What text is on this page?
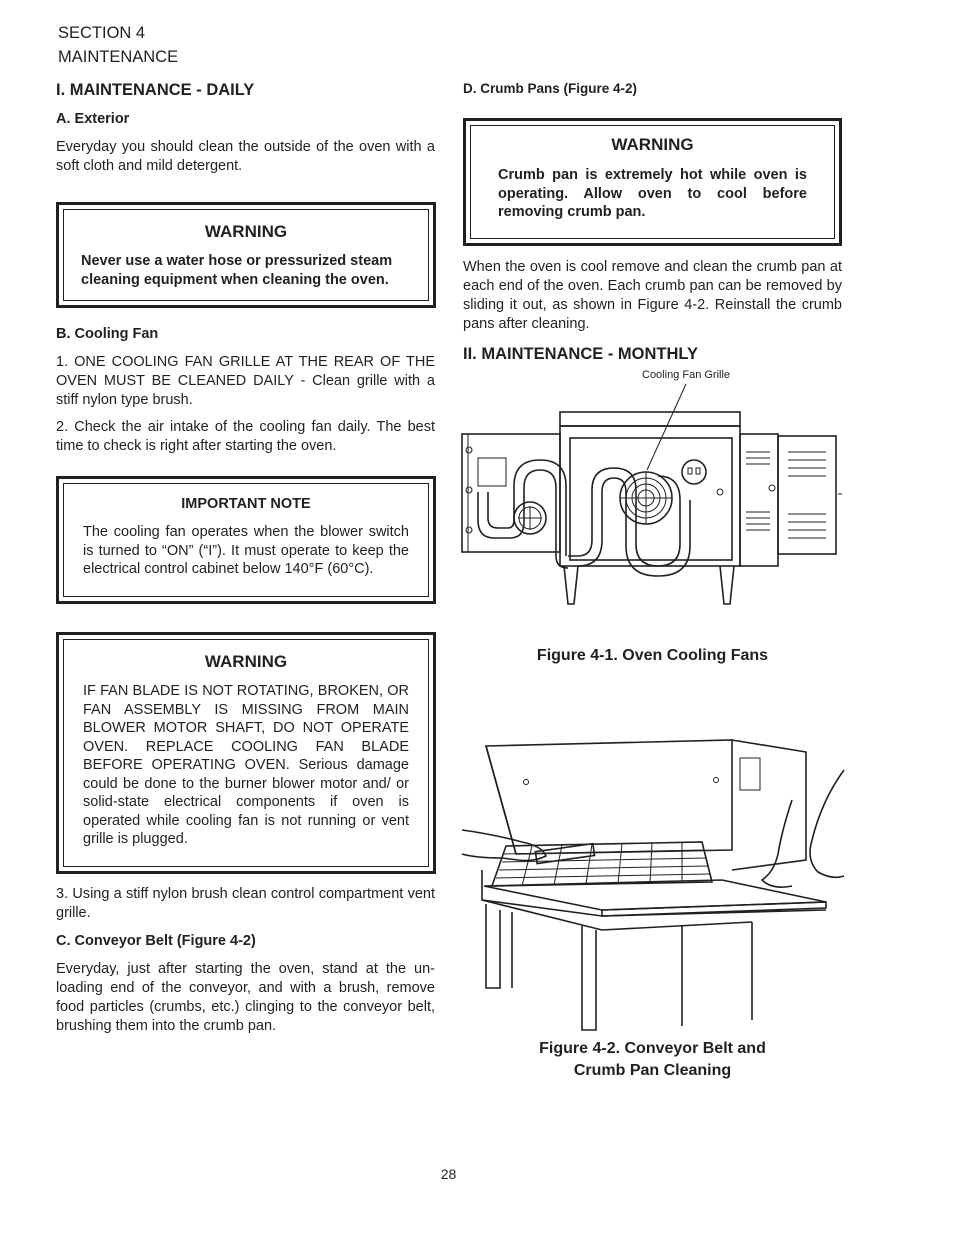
SECTION 4
MAINTENANCE
I. MAINTENANCE - DAILY
A. Exterior
Everyday you should clean the outside of the oven with a soft cloth and mild detergent.
WARNING
Never use a water hose or pressurized steam cleaning equipment when cleaning the oven.
B. Cooling Fan
1. ONE COOLING FAN GRILLE AT THE REAR OF THE OVEN MUST BE CLEANED DAILY - Clean grille with a stiff nylon type brush.
2. Check the air intake of the cooling fan daily. The best time to check is right after starting the oven.
IMPORTANT NOTE
The cooling fan operates when the blower switch is turned to “ON” (“I”). It must operate to keep the electrical control cabinet below 140°F (60°C).
WARNING
IF FAN BLADE IS NOT ROTATING, BROKEN, OR FAN ASSEMBLY IS MISSING FROM MAIN BLOWER MOTOR SHAFT, DO NOT OPERATE OVEN. REPLACE COOLING FAN BLADE BEFORE OPERATING OVEN. Serious damage could be done to the burner blower motor and/ or solid-state electrical components if oven is operated while cooling fan is not running or vent grille is plugged.
3. Using a stiff nylon brush clean control compartment vent grille.
C. Conveyor Belt (Figure 4-2)
Everyday, just after starting the oven, stand at the un-loading end of the conveyor, and with a brush, remove food particles (crumbs, etc.) clinging to the conveyor belt, brushing them into the crumb pan.
D. Crumb Pans (Figure 4-2)
WARNING
Crumb pan is extremely hot while oven is operating. Allow oven to cool before removing crumb pan.
When the oven is cool remove and clean the crumb pan at each end of the oven. Each crumb pan can be removed by sliding it out, as shown in Figure 4-2. Reinstall the crumb pans after cleaning.
II. MAINTENANCE - MONTHLY
Cooling Fan Grille
Figure 4-1. Oven Cooling Fans
Figure 4-2. Conveyor Belt and
Crumb Pan Cleaning
28
